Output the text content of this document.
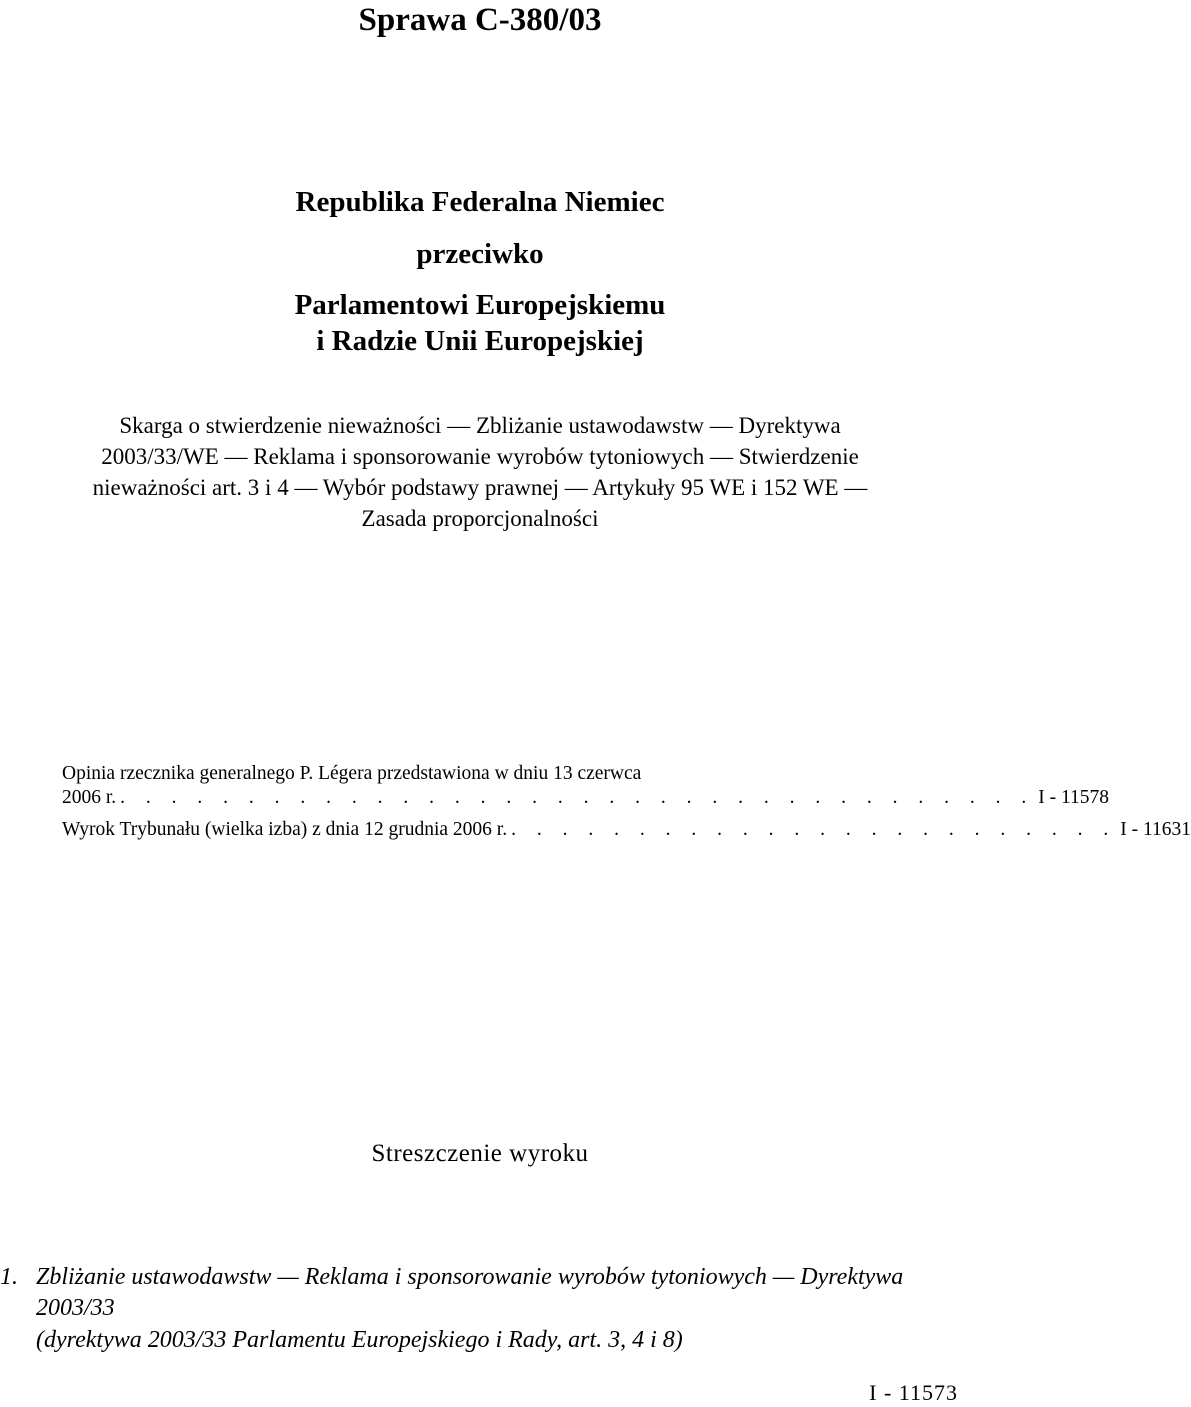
Sprawa C-380/03
Republika Federalna Niemiec
przeciwko
Parlamentowi Europejskiemu
i Radzie Unii Europejskiej
Skarga o stwierdzenie nieważności — Zbliżanie ustawodawstw — Dyrektywa
2003/33/WE — Reklama i sponsorowanie wyrobów tytoniowych — Stwierdzenie
nieważności art. 3 i 4 — Wybór podstawy prawnej — Artykuły 95 WE i 152 WE —
Zasada proporcjonalności
Opinia rzecznika generalnego P. Légera przedstawiona w dniu 13 czerwca
2006 r. . . . . . . . . . . . . . . . . . . . . . . . . . . . . . . . . . . . . I - 11578
Wyrok Trybunału (wielka izba) z dnia 12 grudnia 2006 r. . . . . . . . . . . . . . . . . . . . . . . . . I - 11631
Streszczenie wyroku
1. Zbliżanie ustawodawstw — Reklama i sponsorowanie wyrobów tytoniowych — Dyrektywa
2003/33
(dyrektywa 2003/33 Parlamentu Europejskiego i Rady, art. 3, 4 i 8)
I - 11573
